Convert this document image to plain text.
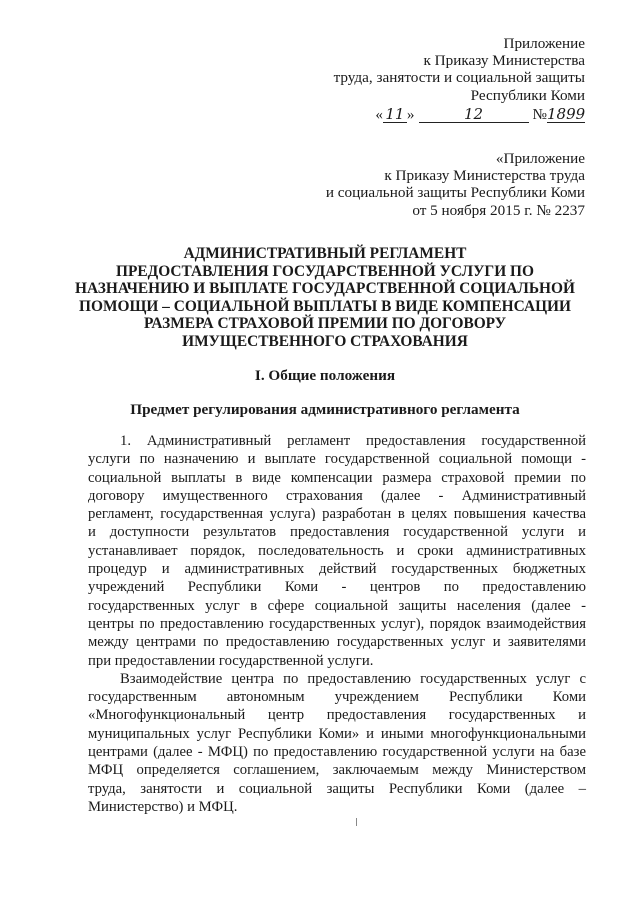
Приложение
к Приказу Министерства
труда, занятости и социальной защиты
Республики Коми
« 11 »	12	№ 1899
«Приложение
к Приказу Министерства труда
и социальной защиты Республики Коми
от 5 ноября 2015 г. № 2237
АДМИНИСТРАТИВНЫЙ РЕГЛАМЕНТ
ПРЕДОСТАВЛЕНИЯ ГОСУДАРСТВЕННОЙ УСЛУГИ ПО
НАЗНАЧЕНИЮ И ВЫПЛАТЕ ГОСУДАРСТВЕННОЙ СОЦИАЛЬНОЙ
ПОМОЩИ – СОЦИАЛЬНОЙ ВЫПЛАТЫ В ВИДЕ КОМПЕНСАЦИИ
РАЗМЕРА СТРАХОВОЙ ПРЕМИИ ПО ДОГОВОРУ
ИМУЩЕСТВЕННОГО СТРАХОВАНИЯ
I. Общие положения
Предмет регулирования административного регламента
1. Административный регламент предоставления государственной
услуги по назначению и выплате государственной социальной помощи -
социальной выплаты в виде компенсации размера страховой премии по
договору имущественного страхования (далее - Административный
регламент, государственная услуга) разработан в целях повышения качества
и доступности результатов предоставления государственной услуги и
устанавливает порядок, последовательность и сроки административных
процедур и административных действий государственных бюджетных
учреждений Республики Коми - центров по предоставлению
государственных услуг в сфере социальной защиты населения (далее -
центры по предоставлению государственных услуг), порядок взаимодействия
между центрами по предоставлению государственных услуг и заявителями
при предоставлении государственной услуги.
Взаимодействие центра по предоставлению государственных услуг с
государственным автономным учреждением Республики Коми
«Многофункциональный центр предоставления государственных и
муниципальных услуг Республики Коми» и иными многофункциональными
центрами (далее - МФЦ) по предоставлению государственной услуги на базе
МФЦ определяется соглашением, заключаемым между Министерством
труда, занятости и социальной защиты Республики Коми (далее –
Министерство) и МФЦ.
